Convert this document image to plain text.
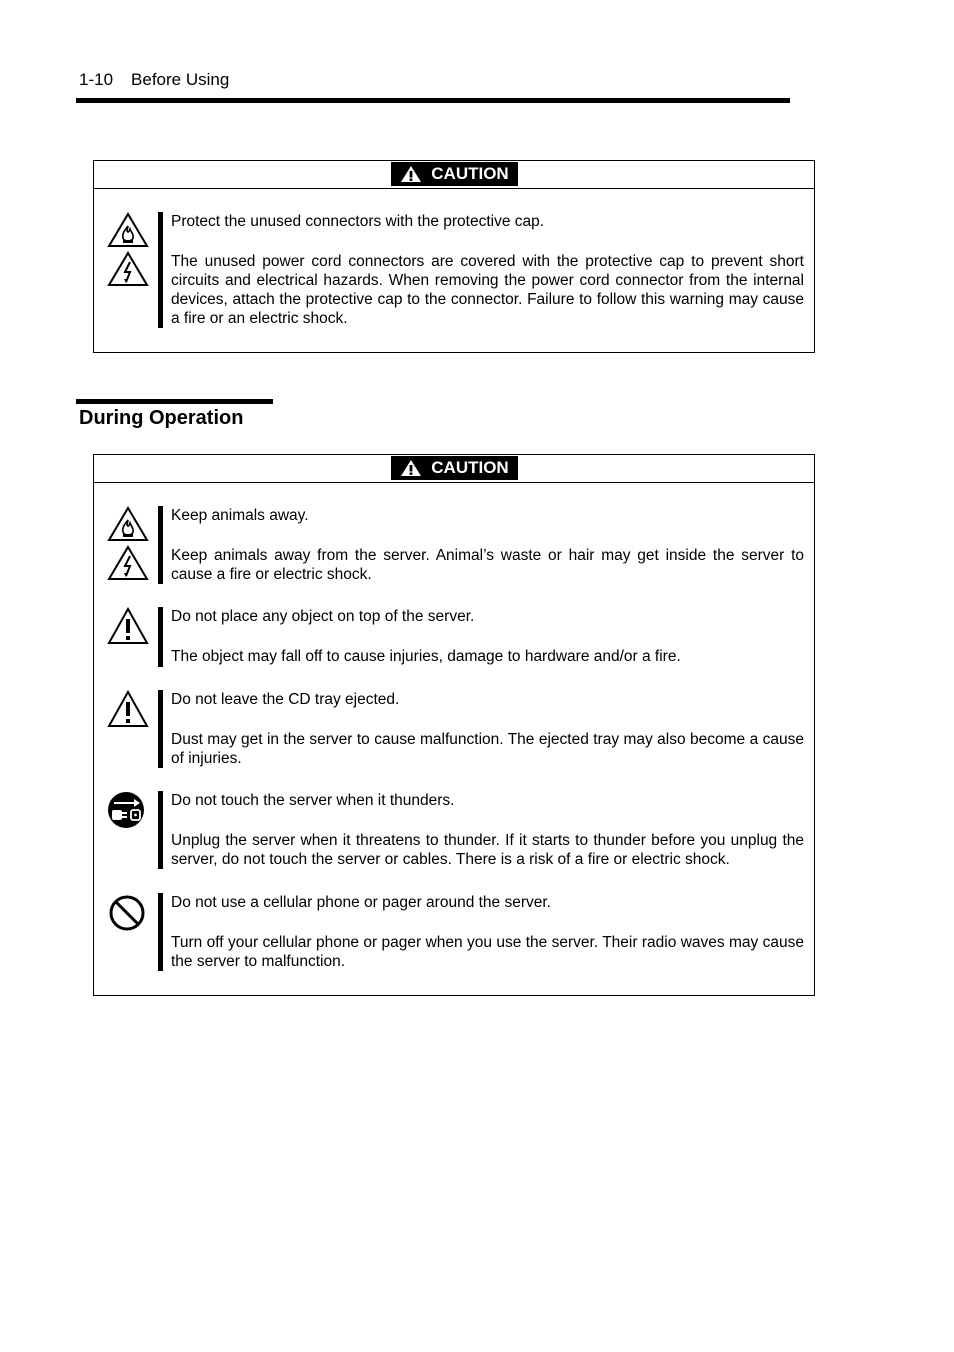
1-10 Before Using
CAUTION

Protect the unused connectors with the protective cap.

The unused power cord connectors are covered with the protective cap to prevent short circuits and electrical hazards. When removing the power cord connector from the internal devices, attach the protective cap to the connector. Failure to follow this warning may cause a fire or an electric shock.

During Operation
CAUTION

Keep animals away.

Keep animals away from the server. Animal’s waste or hair may get inside the server to cause a fire or electric shock.

Do not place any object on top of the server.

The object may fall off to cause injuries, damage to hardware and/or a fire.

Do not leave the CD tray ejected.

Dust may get in the server to cause malfunction. The ejected tray may also become a cause of injuries.

Do not touch the server when it thunders.

Unplug the server when it threatens to thunder. If it starts to thunder before you unplug the server, do not touch the server or cables. There is a risk of a fire or electric shock.

Do not use a cellular phone or pager around the server.

Turn off your cellular phone or pager when you use the server. Their radio waves may cause the server to malfunction.
